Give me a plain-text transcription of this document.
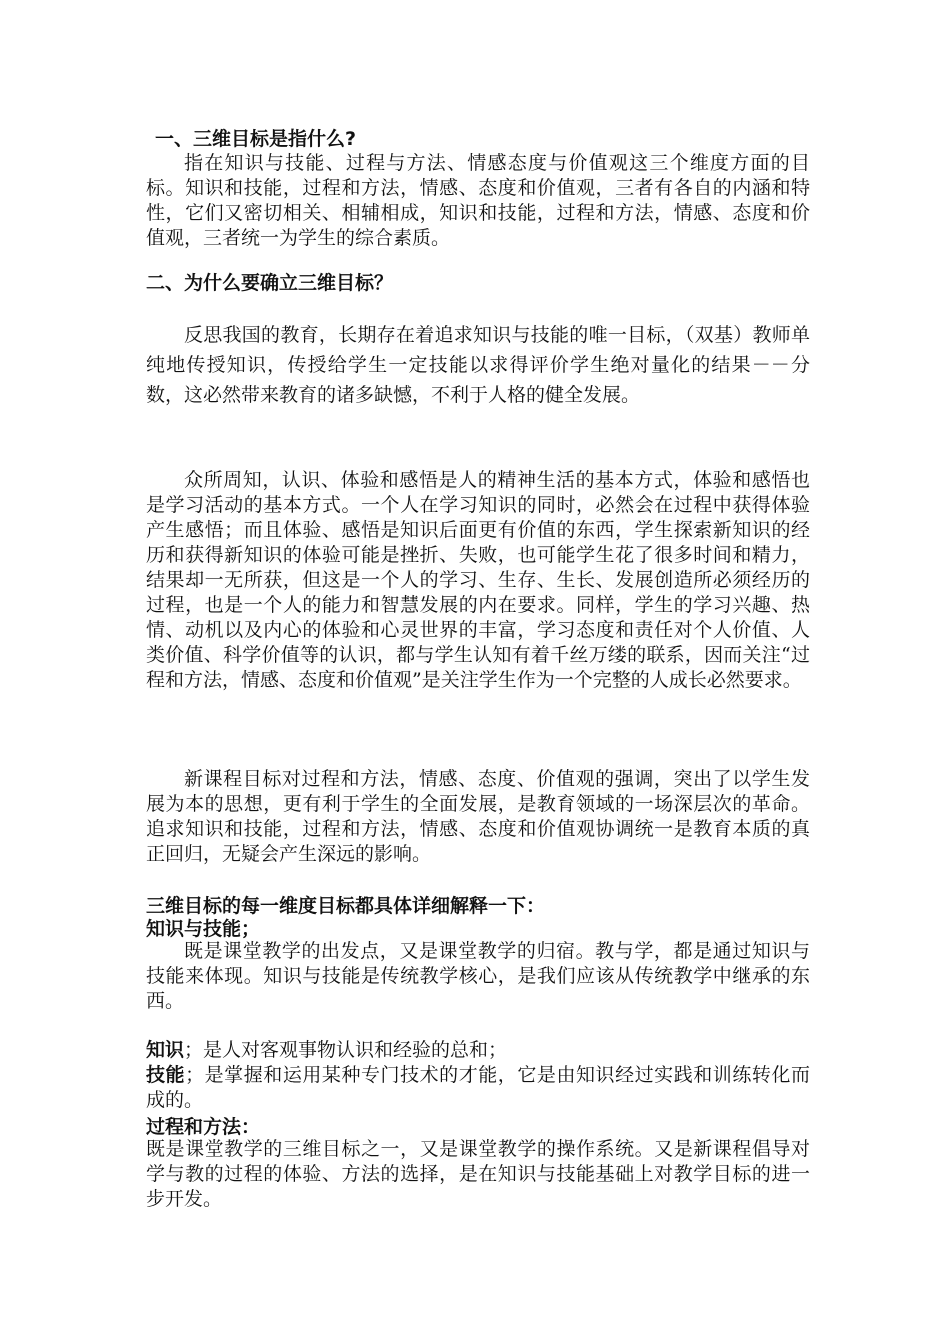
一、三维目标是指什么?
指在知识与技能、过程与方法、情感态度与价值观这三个维度方面的目标。知识和技能，过程和方法，情感、态度和价值观，三者有各自的内涵和特性，它们又密切相关、相辅相成，知识和技能，过程和方法，情感、态度和价值观，三者统一为学生的综合素质。
二、为什么要确立三维目标？
反思我国的教育，长期存在着追求知识与技能的唯一目标，（双基）教师单纯地传授知识，传授给学生一定技能以求得评价学生绝对量化的结果－－分数，这必然带来教育的诸多缺憾，不利于人格的健全发展。
众所周知，认识、体验和感悟是人的精神生活的基本方式，体验和感悟也是学习活动的基本方式。一个人在学习知识的同时，必然会在过程中获得体验产生感悟；而且体验、感悟是知识后面更有价值的东西，学生探索新知识的经历和获得新知识的体验可能是挫折、失败，也可能学生花了很多时间和精力，结果却一无所获，但这是一个人的学习、生存、生长、发展创造所必须经历的过程，也是一个人的能力和智慧发展的内在要求。同样，学生的学习兴趣、热情、动机以及内心的体验和心灵世界的丰富，学习态度和责任对个人价值、人类价值、科学价值等的认识，都与学生认知有着千丝万缕的联系，因而关注“过程和方法，情感、态度和价值观”是关注学生作为一个完整的人成长必然要求。
新课程目标对过程和方法，情感、态度、价值观的强调，突出了以学生发展为本的思想，更有利于学生的全面发展，是教育领域的一场深层次的革命。追求知识和技能，过程和方法，情感、态度和价值观协调统一是教育本质的真正回归，无疑会产生深远的影响。
三维目标的每一维度目标都具体详细解释一下：
知识与技能；
既是课堂教学的出发点，又是课堂教学的归宿。教与学，都是通过知识与技能来体现。知识与技能是传统教学核心，是我们应该从传统教学中继承的东西。
知识；是人对客观事物认识和经验的总和；
技能；是掌握和运用某种专门技术的才能，它是由知识经过实践和训练转化而成的。
过程和方法：
既是课堂教学的三维目标之一，又是课堂教学的操作系统。又是新课程倡导对学与教的过程的体验、方法的选择，是在知识与技能基础上对教学目标的进一步开发。
